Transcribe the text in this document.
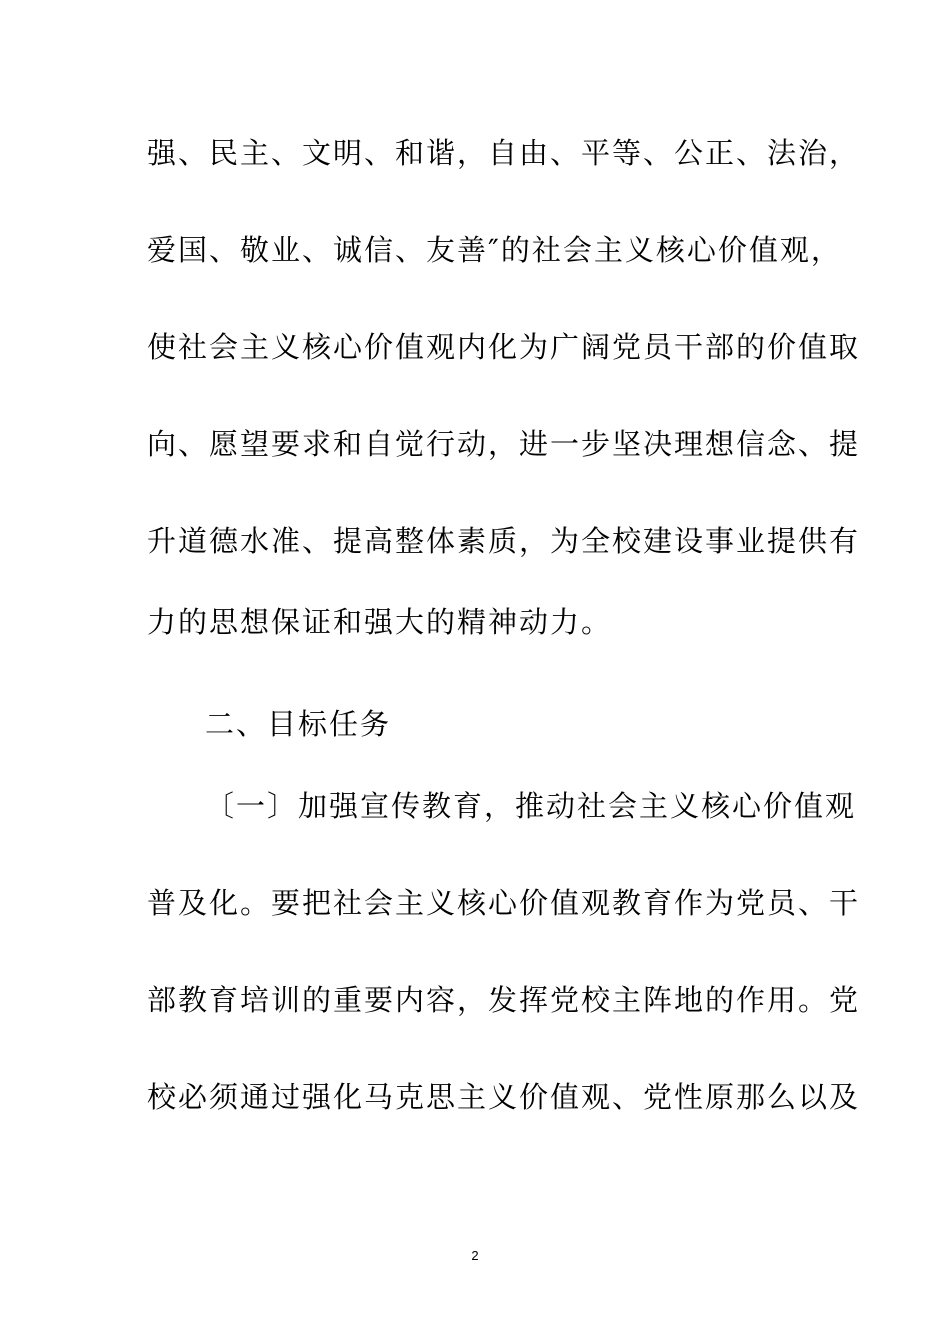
强、民主、文明、和谐，自由、平等、公正、法治，
爱国、敬业、诚信、友善″的社会主义核心价值观，
使社会主义核心价值观内化为广阔党员干部的价值取
向、愿望要求和自觉行动，进一步坚决理想信念、提
升道德水准、提高整体素质，为全校建设事业提供有
力的思想保证和强大的精神动力。
二、目标任务
〔一〕加强宣传教育，推动社会主义核心价值观
普及化。要把社会主义核心价值观教育作为党员、干
部教育培训的重要内容，发挥党校主阵地的作用。党
校必须通过强化马克思主义价值观、党性原那么以及
2
